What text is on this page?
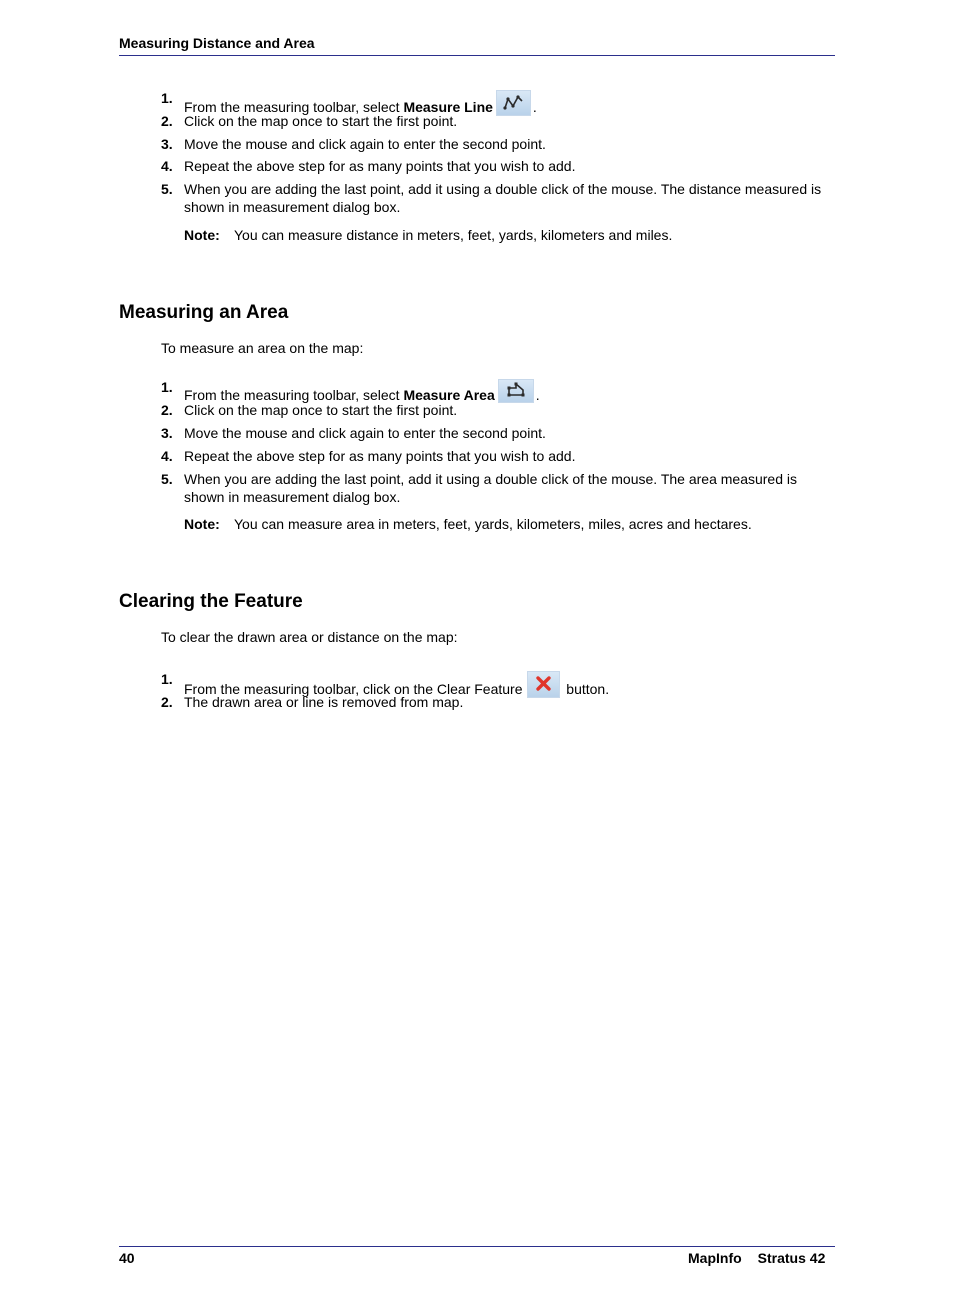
Measuring Distance and Area
1.
From the measuring toolbar, select Measure Line	.
2. Click on the map once to start the first point.
3. Move the mouse and click again to enter the second point.
4. Repeat the above step for as many points that you wish to add.
5. When you are adding the last point, add it using a double click of the mouse. The distance measured is shown in measurement dialog box.
Note: You can measure distance in meters, feet, yards, kilometers and miles.
Measuring an Area
To measure an area on the map:
1. From the measuring toolbar, select Measure Area	.
2. Click on the map once to start the first point.
3. Move the mouse and click again to enter the second point.
4. Repeat the above step for as many points that you wish to add.
5. When you are adding the last point, add it using a double click of the mouse. The area measured is shown in measurement dialog box.
Note: You can measure area in meters, feet, yards, kilometers, miles, acres and hectares.
Clearing the Feature
To clear the drawn area or distance on the map:
1.
From the measuring toolbar, click on the Clear Feature	button.
2. The drawn area or line is removed from map.
40	MapInfo Stratus 42
